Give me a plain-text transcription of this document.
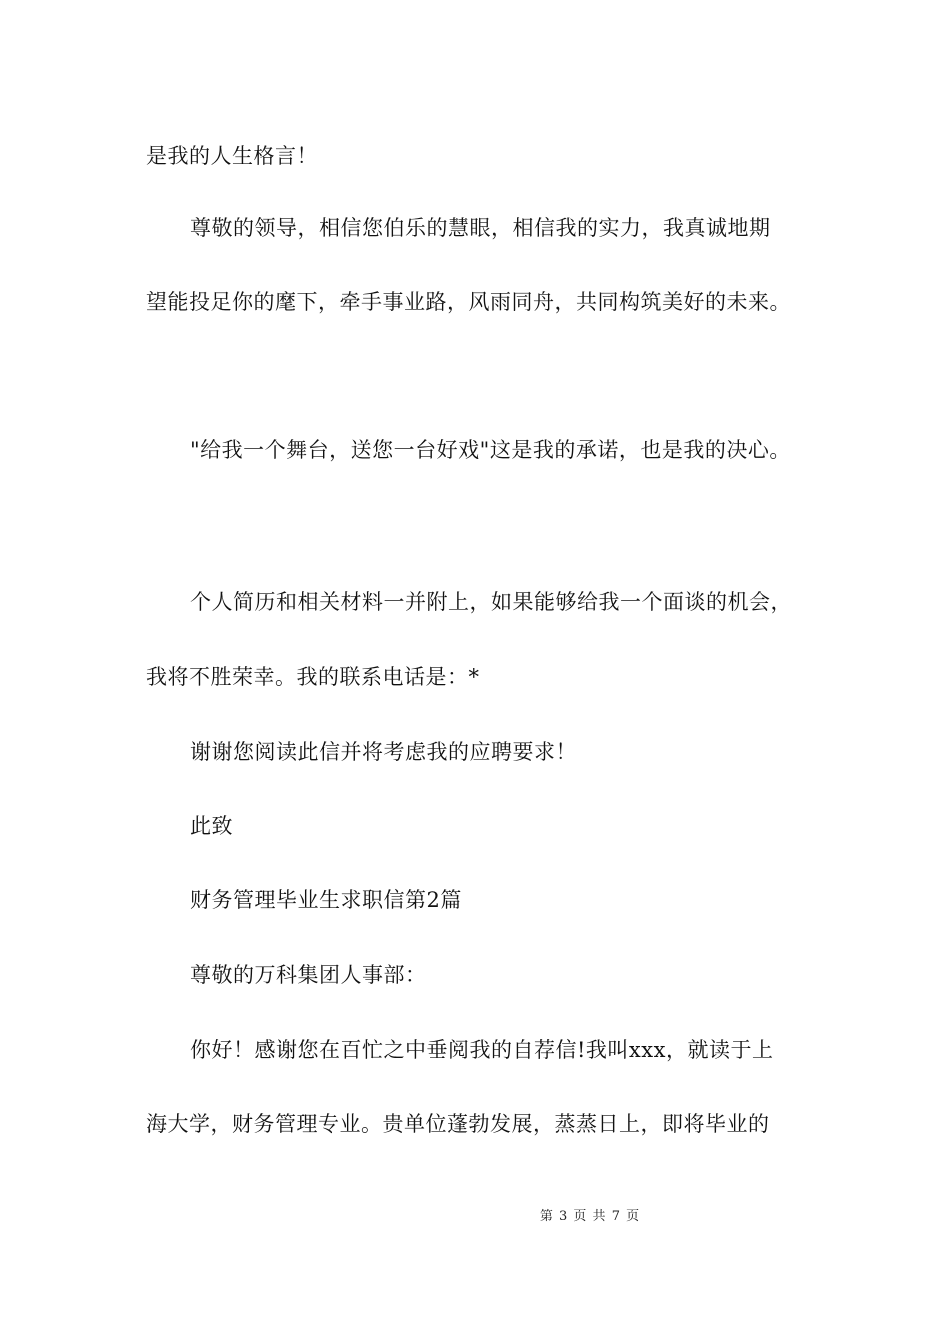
是我的人生格言！
尊敬的领导，相信您伯乐的慧眼，相信我的实力，我真诚地期
望能投足你的麾下，牵手事业路，风雨同舟，共同构筑美好的未来。
"给我一个舞台，送您一台好戏"这是我的承诺，也是我的决心。
个人简历和相关材料一并附上，如果能够给我一个面谈的机会，
我将不胜荣幸。我的联系电话是：*
谢谢您阅读此信并将考虑我的应聘要求！
此致
财务管理毕业生求职信第2篇
尊敬的万科集团人事部：
你好！感谢您在百忙之中垂阅我的自荐信!我叫xxx，就读于上
海大学，财务管理专业。贵单位蓬勃发展，蒸蒸日上，即将毕业的
第 3 页 共 7 页
